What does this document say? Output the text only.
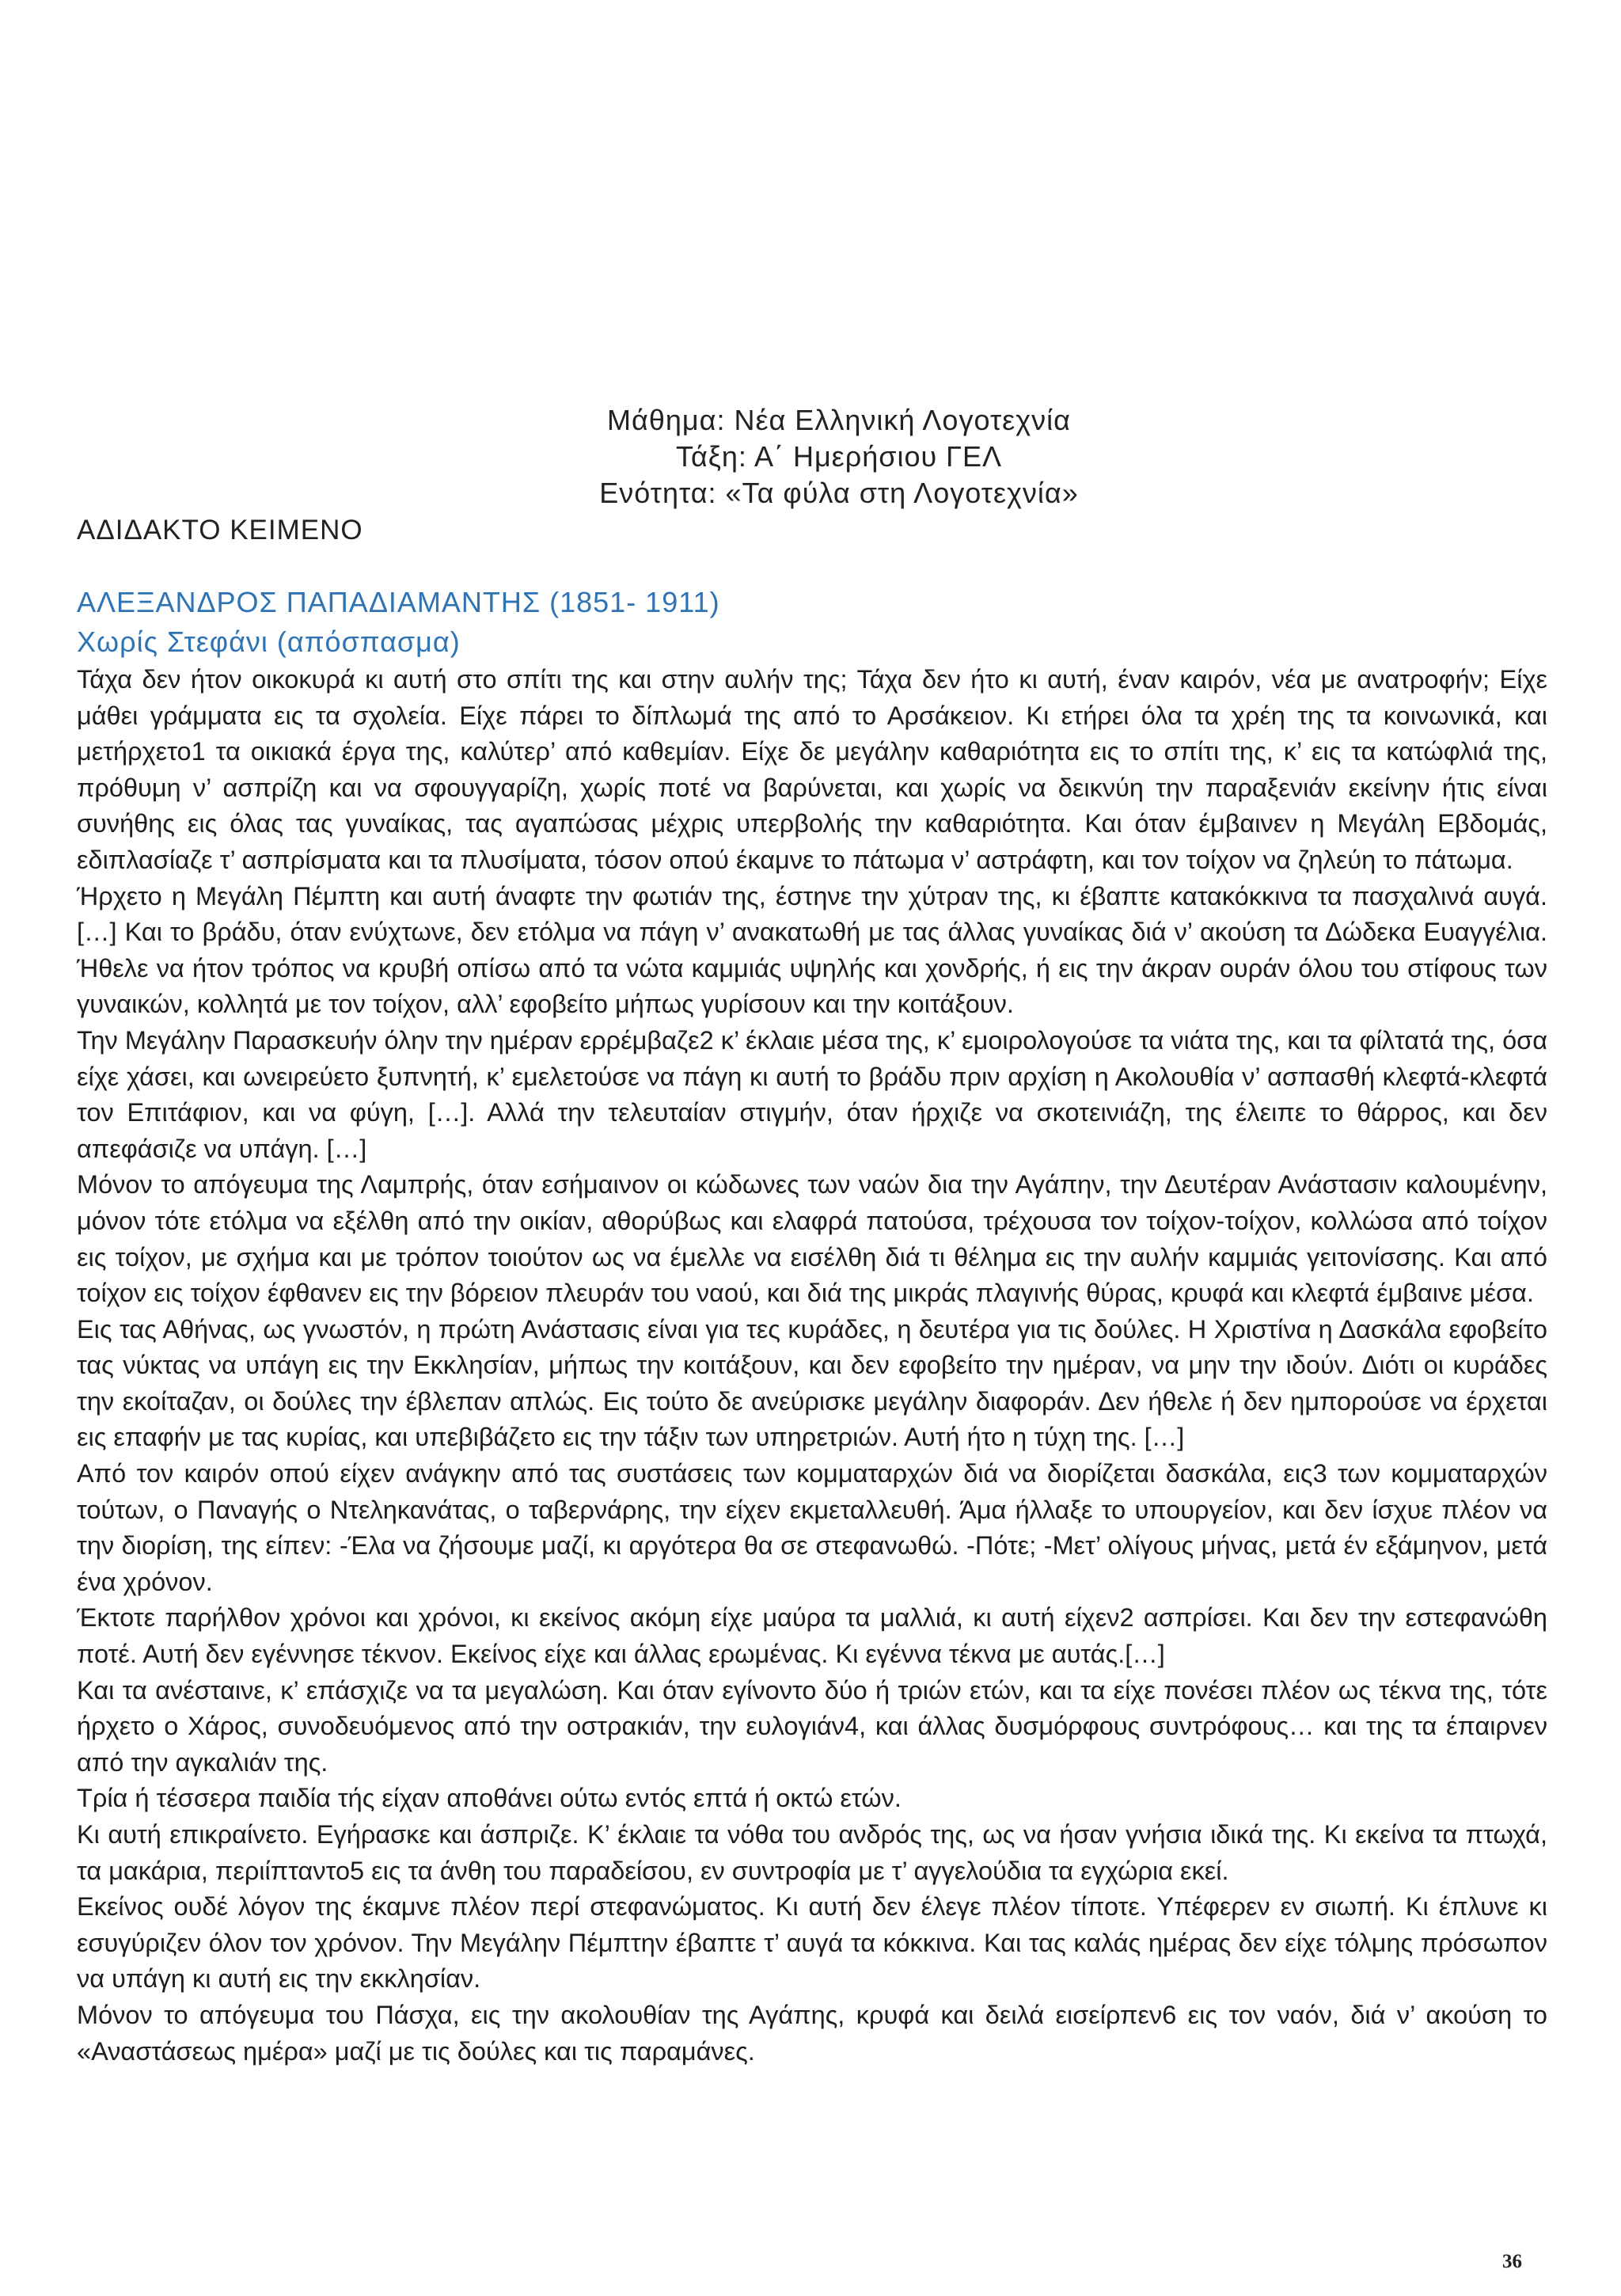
Μάθημα: Νέα Ελληνική Λογοτεχνία
Τάξη: Α΄ Ημερήσιου ΓΕΛ
Ενότητα: «Τα φύλα στη Λογοτεχνία»
ΑΔΙΔΑΚΤΟ ΚΕΙΜΕΝΟ
ΑΛΕΞΑΝΔΡΟΣ ΠΑΠΑΔΙΑΜΑΝΤΗΣ (1851- 1911)
Χωρίς Στεφάνι (απόσπασμα)

Τάχα δεν ήτον οικοκυρά κι αυτή στο σπίτι της και στην αυλήν της; Τάχα δεν ήτο κι αυτή, έναν καιρόν, νέα με ανατροφήν; Είχε μάθει γράμματα εις τα σχολεία. Είχε πάρει το δίπλωμά της από το Αρσάκειον. Κι ετήρει όλα τα χρέη της τα κοινωνικά, και μετήρχετο1 τα οικιακά έργα της, καλύτερ’ από καθεμίαν. Είχε δε μεγάλην καθαριότητα εις το σπίτι της, κ’ εις τα κατώφλιά της, πρόθυμη ν’ ασπρίζη και να σφουγγαρίζη, χωρίς ποτέ να βαρύνεται, και χωρίς να δεικνύη την παραξενιάν εκείνην ήτις είναι συνήθης εις όλας τας γυναίκας, τας αγαπώσας μέχρις υπερβολής την καθαριότητα. Και όταν έμβαινεν η Μεγάλη Εβδομάς, εδιπλασίαζε τ’ ασπρίσματα και τα πλυσίματα, τόσον οπού έκαμνε το πάτωμα ν’ αστράφτη, και τον τοίχον να ζηλεύη το πάτωμα.

Ήρχετο η Μεγάλη Πέμπτη και αυτή άναφτε την φωτιάν της, έστηνε την χύτραν της, κι έβαπτε κατακόκκινα τα πασχαλινά αυγά. […] Και το βράδυ, όταν ενύχτωνε, δεν ετόλμα να πάγη ν’ ανακατωθή με τας άλλας γυναίκας διά ν’ ακούση τα Δώδεκα Ευαγγέλια. Ήθελε να ήτον τρόπος να κρυβή οπίσω από τα νώτα καμμιάς υψηλής και χονδρής, ή εις την άκραν ουράν όλου του στίφους των γυναικών, κολλητά με τον τοίχον, αλλ’ εφοβείτο μήπως γυρίσουν και την κοιτάξουν.

Την Μεγάλην Παρασκευήν όλην την ημέραν ερρέμβαζε2 κ’ έκλαιε μέσα της, κ’ εμοιρολογούσε τα νιάτα της, και τα φίλτατά της, όσα είχε χάσει, και ωνειρεύετο ξυπνητή, κ’ εμελετούσε να πάγη κι αυτή το βράδυ πριν αρχίση η Ακολουθία ν’ ασπασθή κλεφτά-κλεφτά τον Επιτάφιον, και να φύγη, […]. Αλλά την τελευταίαν στιγμήν, όταν ήρχιζε να σκοτεινιάζη, της έλειπε το θάρρος, και δεν απεφάσιζε να υπάγη. […]

Μόνον το απόγευμα της Λαμπρής, όταν εσήμαινον οι κώδωνες των ναών δια την Αγάπην, την Δευτέραν Ανάστασιν καλουμένην, μόνον τότε ετόλμα να εξέλθη από την οικίαν, αθορύβως και ελαφρά πατούσα, τρέχουσα τον τοίχον-τοίχον, κολλώσα από τοίχον εις τοίχον, με σχήμα και με τρόπον τοιούτον ως να έμελλε να εισέλθη διά τι θέλημα εις την αυλήν καμμιάς γειτονίσσης. Και από τοίχον εις τοίχον έφθανεν εις την βόρειον πλευράν του ναού, και διά της μικράς πλαγινής θύρας, κρυφά και κλεφτά έμβαινε μέσα.

Εις τας Αθήνας, ως γνωστόν, η πρώτη Ανάστασις είναι για τες κυράδες, η δευτέρα για τις δούλες. Η Χριστίνα η Δασκάλα εφοβείτο τας νύκτας να υπάγη εις την Εκκλησίαν, μήπως την κοιτάξουν, και δεν εφοβείτο την ημέραν, να μην την ιδούν. Διότι οι κυράδες την εκοίταζαν, οι δούλες την έβλεπαν απλώς. Εις τούτο δε ανεύρισκε μεγάλην διαφοράν. Δεν ήθελε ή δεν ημπορούσε να έρχεται εις επαφήν με τας κυρίας, και υπεβιβάζετο εις την τάξιν των υπηρετριών. Αυτή ήτο η τύχη της. […]

Από τον καιρόν οπού είχεν ανάγκην από τας συστάσεις των κομματαρχών διά να διορίζεται δασκάλα, εις3 των κομματαρχών τούτων, ο Παναγής ο Ντεληκανάτας, ο ταβερνάρης, την είχεν εκμεταλλευθή. Άμα ήλλαξε το υπουργείον, και δεν ίσχυε πλέον να την διορίση, της είπεν: -Έλα να ζήσουμε μαζί, κι αργότερα θα σε στεφανωθώ. -Πότε; -Μετ’ ολίγους μήνας, μετά έν εξάμηνον, μετά ένα χρόνον.

Έκτοτε παρήλθον χρόνοι και χρόνοι, κι εκείνος ακόμη είχε μαύρα τα μαλλιά, κι αυτή είχεν2 ασπρίσει. Και δεν την εστεφανώθη ποτέ. Αυτή δεν εγέννησε τέκνον. Εκείνος είχε και άλλας ερωμένας. Κι εγέννα τέκνα με αυτάς.[…]

Και τα ανέσταινε, κ’ επάσχιζε να τα μεγαλώση. Και όταν εγίνοντο δύο ή τριών ετών, και τα είχε πονέσει πλέον ως τέκνα της, τότε ήρχετο ο Χάρος, συνοδευόμενος από την οστρακιάν, την ευλογιάν4, και άλλας δυσμόρφους συντρόφους… και της τα έπαιρνεν από την αγκαλιάν της.

Τρία ή τέσσερα παιδία τής είχαν αποθάνει ούτω εντός επτά ή οκτώ ετών.

Κι αυτή επικραίνετο. Εγήρασκε και άσπριζε. Κ’ έκλαιε τα νόθα του ανδρός της, ως να ήσαν γνήσια ιδικά της. Κι εκείνα τα πτωχά, τα μακάρια, περιίπταντο5 εις τα άνθη του παραδείσου, εν συντροφία με τ’ αγγελούδια τα εγχώρια εκεί.

Εκείνος ουδέ λόγον της έκαμνε πλέον περί στεφανώματος. Κι αυτή δεν έλεγε πλέον τίποτε. Υπέφερεν εν σιωπή. Κι έπλυνε κι εσυγύριζεν όλον τον χρόνον. Την Μεγάλην Πέμπτην έβαπτε τ’ αυγά τα κόκκινα. Και τας καλάς ημέρας δεν είχε τόλμης πρόσωπον να υπάγη κι αυτή εις την εκκλησίαν.

Μόνον το απόγευμα του Πάσχα, εις την ακολουθίαν της Αγάπης, κρυφά και δειλά εισείρπεν6 εις τον ναόν, διά ν’ ακούση το «Αναστάσεως ημέρα» μαζί με τις δούλες και τις παραμάνες.

36
